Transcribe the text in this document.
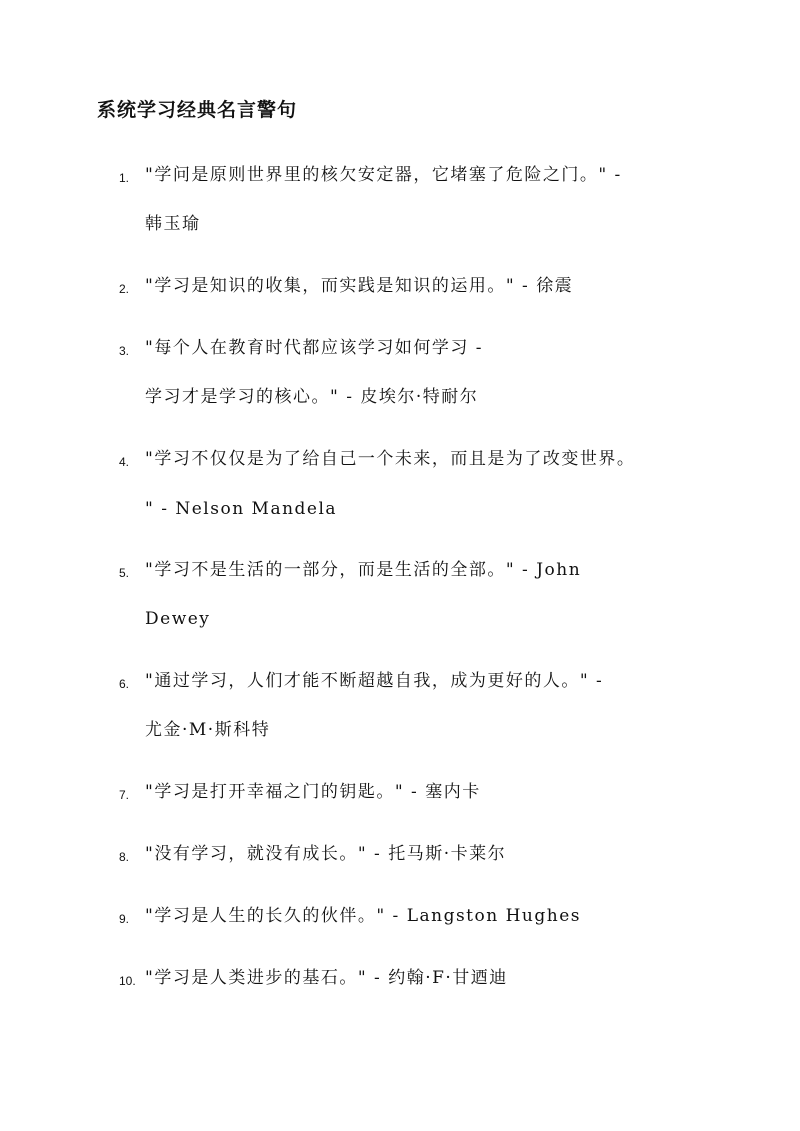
系统学习经典名言警句
1. "学问是原则世界里的核欠安定器，它堵塞了危险之门。" -
韩玉瑜
2. "学习是知识的收集，而实践是知识的运用。" - 徐震
3. "每个人在教育时代都应该学习如何学习 -
学习才是学习的核心。" - 皮埃尔·特耐尔
4. "学习不仅仅是为了给自己一个未来，而且是为了改变世界。
" - Nelson Mandela
5. "学习不是生活的一部分，而是生活的全部。" - John
Dewey
6. "通过学习，人们才能不断超越自我，成为更好的人。" -
尤金·M·斯科特
7. "学习是打开幸福之门的钥匙。" - 塞内卡
8. "没有学习，就没有成长。" - 托马斯·卡莱尔
9. "学习是人生的长久的伙伴。" - Langston Hughes
10. "学习是人类进步的基石。" - 约翰·F·甘迺迪
